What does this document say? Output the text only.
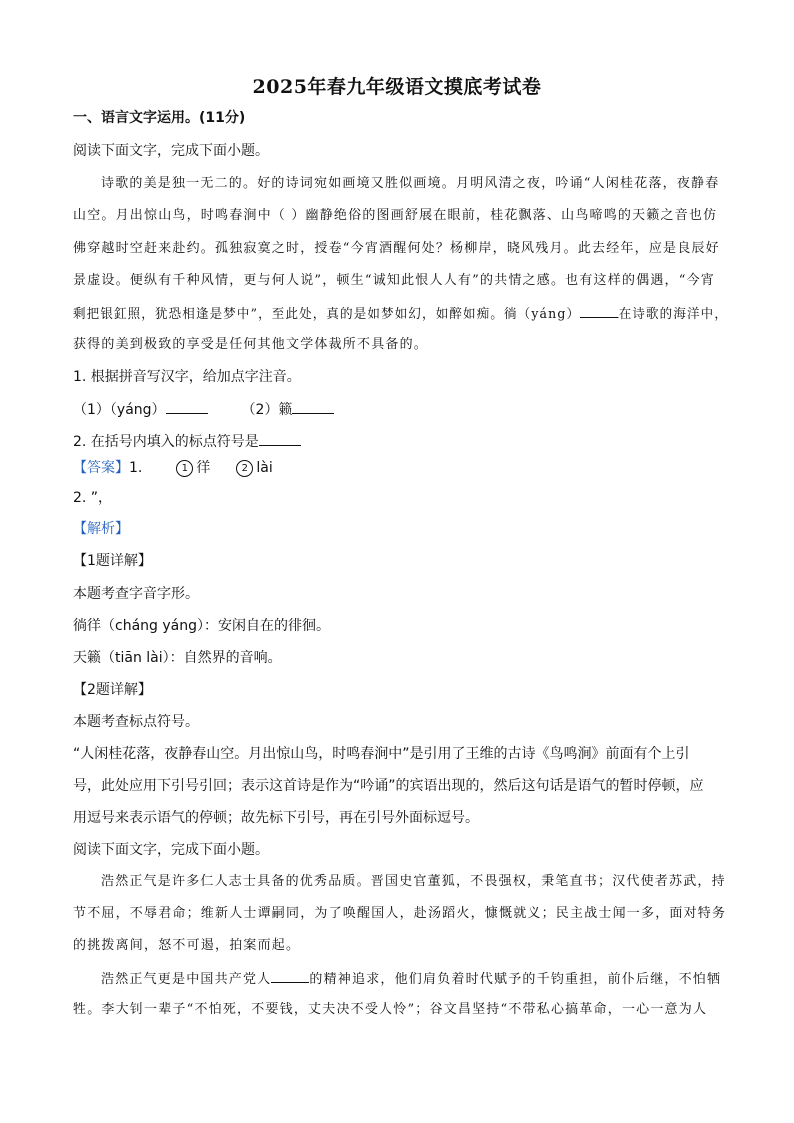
2025年春九年级语文摸底考试卷
一、语言文字运用。(11分)
阅读下面文字，完成下面小题。
诗歌的美是独一无二的。好的诗词宛如画境又胜似画境。月明风清之夜，吟诵“人闲桂花落，夜静春
山空。月出惊山鸟，时鸣春涧中（ ）幽静绝俗的图画舒展在眼前，桂花飘落、山鸟啼鸣的天籁之音也仿
佛穿越时空赶来赴约。孤独寂寞之时，授卷“今宵酒醒何处？杨柳岸，晓风残月。此去经年，应是良辰好
景虚设。便纵有千种风情，更与何人说”，顿生“诚知此恨人人有”的共情之感。也有这样的偶遇，“今宵
剩把银釭照，犹恐相逢是梦中”，至此处，真的是如梦如幻，如醉如痴。徜（yáng）	在诗歌的海洋中，
获得的美到极致的享受是任何其他文学体裁所不具备的。
1. 根据拼音写汉字，给加点字注音。
（1）（yáng）	（2）籁
2. 在括号内填入的标点符号是
【答案】1.	1 徉	2 lài
2. ”，
【解析】
【1题详解】
本题考查字音字形。
徜徉（cháng yáng）：安闲自在的徘徊。
天籁（tiān lài）：自然界的音响。
【2题详解】
本题考查标点符号。
“人闲桂花落，夜静春山空。月出惊山鸟，时鸣春涧中”是引用了王维的古诗《鸟鸣涧》前面有个上引
号，此处应用下引号引回；表示这首诗是作为“吟诵”的宾语出现的，然后这句话是语气的暂时停顿，应
用逗号来表示语气的停顿；故先标下引号，再在引号外面标逗号。
阅读下面文字，完成下面小题。
浩然正气是许多仁人志士具备的优秀品质。晋国史官董狐，不畏强权，秉笔直书；汉代使者苏武，持
节不屈，不辱君命；维新人士谭嗣同，为了唤醒国人，赴汤蹈火，慷慨就义；民主战士闻一多，面对特务
的挑拨离间，怒不可遏，拍案而起。
浩然正气更是中国共产党人	的精神追求，他们肩负着时代赋予的千钧重担，前仆后继，不怕牺
牲。李大钊一辈子“不怕死，不要钱，丈夫决不受人怜”；谷文昌坚持“不带私心搞革命，一心一意为人
